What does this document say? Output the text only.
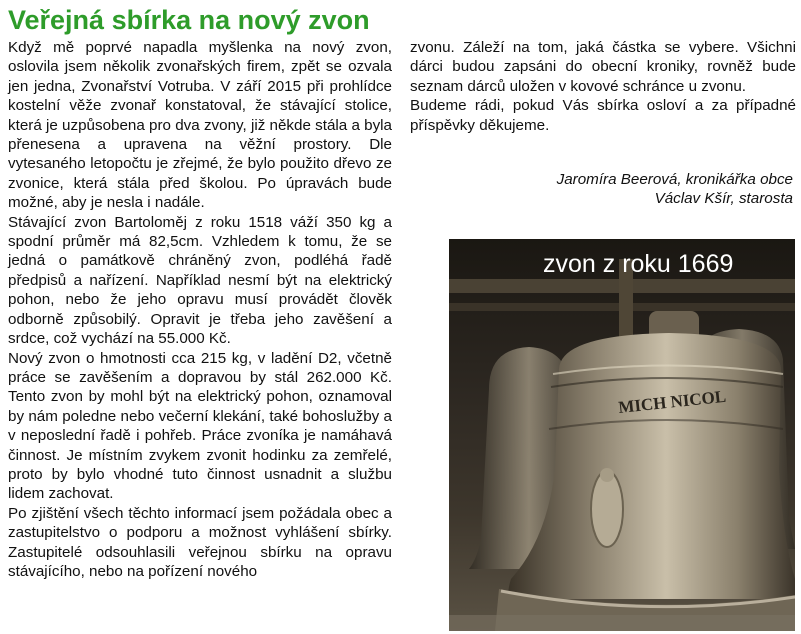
Veřejná sbírka na nový zvon

Když mě poprvé napadla myšlenka na nový zvon, oslovila jsem několik zvonařských firem, zpět se ozvala jen jedna, Zvonařství Votruba. V září 2015 při prohlídce kostelní věže zvonař konstatoval, že stávající stolice, která je uzpůsobena pro dva zvony, již někde stála a byla přenesena a upravena na věžní prostory. Dle vytesaného letopočtu je zřejmé, že bylo použito dřevo ze zvonice, která stála před školou. Po úpravách bude možné, aby je nesla i nadále.

Stávající zvon Bartoloměj z roku 1518 váží 350 kg a spodní průměr má 82,5cm. Vzhledem k tomu, že se jedná o památkově chráněný zvon, podléhá řadě předpisů a nařízení. Například nesmí být na elektrický pohon, nebo že jeho opravu musí provádět člověk odborně způsobilý. Opravit je třeba jeho zavěšení a srdce, což vychází na 55.000 Kč.

Nový zvon o hmotnosti cca 215 kg, v ladění D2, včetně práce se zavěšením a dopravou by stál 262.000 Kč. Tento zvon by mohl být na elektrický pohon, oznamoval by nám poledne nebo večerní klekání, také bohoslužby a v neposlední řadě i pohřeb. Práce zvoníka je namáhavá činnost. Je místním zvykem zvonit hodinku za zemřelé, proto by bylo vhodné tuto činnost usnadnit a službu lidem zachovat.

Po zjištění všech těchto informací jsem požádala obec a zastupitelstvo o podporu a možnost vyhlášení sbírky. Zastupitelé odsouhlasili veřejnou sbírku na opravu stávajícího, nebo na pořízení nového

zvonu. Záleží na tom, jaká částka se vybere. Všichni dárci budou zapsáni do obecní kroniky, rovněž bude seznam dárců uložen v kovové schránce u zvonu.

Budeme rádi, pokud Vás sbírka osloví a za případné příspěvky děkujeme.

Jaromíra Beerová, kronikářka obce
Václav Kšír, starosta
MICH NICOL
zvon z roku 1669
